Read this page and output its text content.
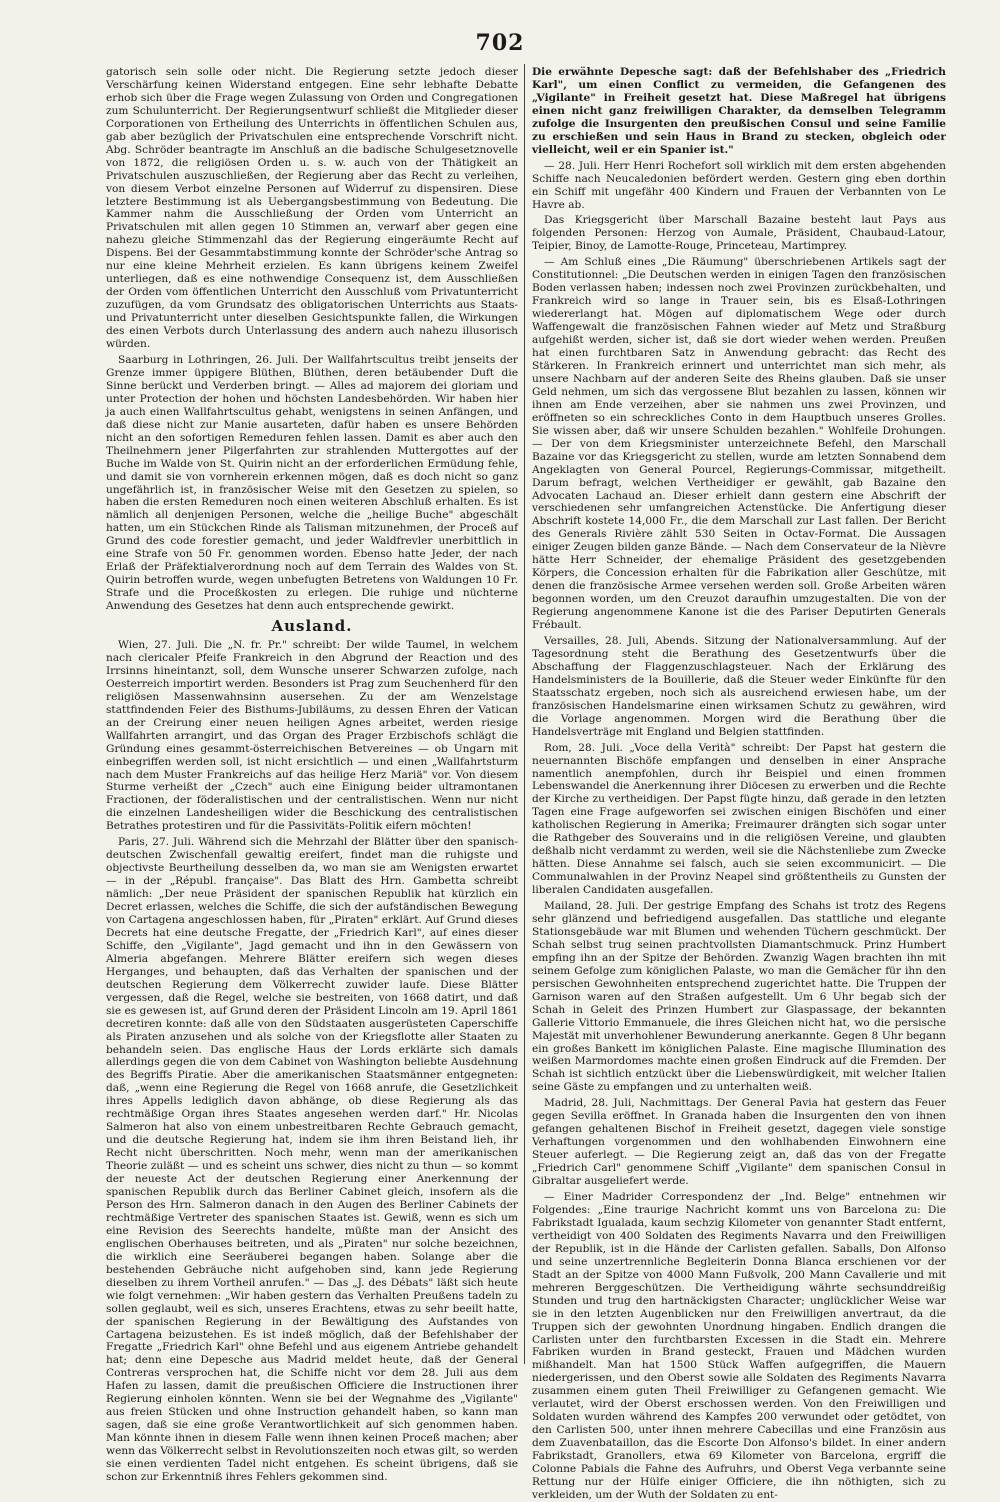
702

gatorisch sein solle oder nicht. Die Regierung setzte jedoch dieser Verschärfung keinen Widerstand entgegen. Eine sehr lebhafte Debatte erhob sich über die Frage wegen Zulassung von Orden und Congregationen zum Schulunterricht. Der Regierungsentwurf schließt die Mitglieder dieser Corporationen von Ertheilung des Unterrichts in öffentlichen Schulen aus, gab aber bezüglich der Privatschulen eine entsprechende Vorschrift nicht. Abg. Schröder beantragte im Anschluß an die badische Schulgesetznovelle von 1872, die religiösen Orden u. s. w. auch von der Thätigkeit an Privatschulen auszuschließen, der Regierung aber das Recht zu verleihen, von diesem Verbot einzelne Personen auf Widerruf zu dispensiren. Diese letztere Bestimmung ist als Uebergangsbestimmung von Bedeutung. Die Kammer nahm die Ausschließung der Orden vom Unterricht an Privatschulen mit allen gegen 10 Stimmen an, verwarf aber gegen eine nahezu gleiche Stimmenzahl das der Regierung eingeräumte Recht auf Dispens. Bei der Gesammtabstimmung konnte der Schröder'sche Antrag so nur eine kleine Mehrheit erzielen. Es kann übrigens keinem Zweifel unterliegen, daß es eine nothwendige Consequenz ist, dem Ausschließen der Orden vom öffentlichen Unterricht den Ausschluß vom Privatunterricht zuzufügen, da vom Grundsatz des obligatorischen Unterrichts aus Staats- und Privatunterricht unter dieselben Gesichtspunkte fallen, die Wirkungen des einen Verbots durch Unterlassung des andern auch nahezu illusorisch würden.

Saarburg in Lothringen, 26. Juli. Der Wallfahrtscultus treibt jenseits der Grenze immer üppigere Blüthen, Blüthen, deren betäubender Duft die Sinne berückt und Verderben bringt. — Alles ad majorem dei gloriam und unter Protection der hohen und höchsten Landesbehörden. Wir haben hier ja auch einen Wallfahrtscultus gehabt, wenigstens in seinen Anfängen, und daß diese nicht zur Manie ausarteten, dafür haben es unsere Behörden nicht an den sofortigen Remeduren fehlen lassen. Damit es aber auch den Theilnehmern jener Pilgerfahrten zur strahlenden Muttergottes auf der Buche im Walde von St. Quirin nicht an der erforderlichen Ermüdung fehle, und damit sie von vornherein erkennen mögen, daß es doch nicht so ganz ungefährlich ist, in französischer Weise mit den Gesetzen zu spielen, so haben die ersten Remeduren noch einen weiteren Abschluß erhalten. Es ist nämlich all denjenigen Personen, welche die „heilige Buche" abgeschält hatten, um ein Stückchen Rinde als Talisman mitzunehmen, der Proceß auf Grund des code forestier gemacht, und jeder Waldfrevler unerbittlich in eine Strafe von 50 Fr. genommen worden. Ebenso hatte Jeder, der nach Erlaß der Präfektialverordnung noch auf dem Terrain des Waldes von St. Quirin betroffen wurde, wegen unbefugten Betretens von Waldungen 10 Fr. Strafe und die Proceßkosten zu erlegen. Die ruhige und nüchterne Anwendung des Gesetzes hat denn auch entsprechende gewirkt.

Ausland.

Wien, 27. Juli. Die „N. fr. Pr." schreibt: Der wilde Taumel, in welchem nach clericaler Pfeife Frankreich in den Abgrund der Reaction und des Irrsinns hineintanzt, soll, dem Wunsche unserer Schwarzen zufolge, nach Oesterreich importirt werden. Besonders ist Prag zum Seuchenherd für den religiösen Massenwahnsinn ausersehen. Zu der am Wenzelstage stattfindenden Feier des Bisthums-Jubiläums, zu dessen Ehren der Vatican an der Creirung einer neuen heiligen Agnes arbeitet, werden riesige Wallfahrten arrangirt, und das Organ des Prager Erzbischofs schlägt die Gründung eines gesammt-österreichischen Betvereines — ob Ungarn mit einbegriffen werden soll, ist nicht ersichtlich — und einen „Wallfahrtsturm nach dem Muster Frankreichs auf das heilige Herz Mariä" vor. Von diesem Sturme verheißt der „Czech" auch eine Einigung beider ultramontanen Fractionen, der föderalistischen und der centralistischen. Wenn nur nicht die einzelnen Landesheiligen wider die Beschickung des centralistischen Betrathes protestiren und für die Passivitäts-Politik eifern möchten!

Paris, 27. Juli. Während sich die Mehrzahl der Blätter über den spanisch-deutschen Zwischenfall gewaltig ereifert, findet man die ruhigste und objectivste Beurtheilung desselben da, wo man sie am Wenigsten erwartet — in der „Républ. française". Das Blatt des Hrn. Gambetta schreibt nämlich: „Der neue Präsident der spanischen Republik hat kürzlich ein Decret erlassen, welches die Schiffe, die sich der aufständischen Bewegung von Cartagena angeschlossen haben, für „Piraten" erklärt. Auf Grund dieses Decrets hat eine deutsche Fregatte, der „Friedrich Karl", auf eines dieser Schiffe, den „Vigilante", Jagd gemacht und ihn in den Gewässern von Almeria abgefangen. Mehrere Blätter ereifern sich wegen dieses Herganges, und behaupten, daß das Verhalten der spanischen und der deutschen Regierung dem Völkerrecht zuwider laufe. Diese Blätter vergessen, daß die Regel, welche sie bestreiten, von 1668 datirt, und daß sie es gewesen ist, auf Grund deren der Präsident Lincoln am 19. April 1861 decretiren konnte: daß alle von den Südstaaten ausgerüsteten Caperschiffe als Piraten anzusehen und als solche von der Kriegsflotte aller Staaten zu behandeln seien. Das englische Haus der Lords erklärte sich damals allerdings gegen die von dem Cabinet von Washington beliebte Ausdehnung des Begriffs Piratie. Aber die amerikanischen Staatsmänner entgegneten: daß, „wenn eine Regierung die Regel von 1668 anrufe, die Gesetzlichkeit ihres Appells lediglich davon abhänge, ob diese Regierung als das rechtmäßige Organ ihres Staates angesehen werden darf." Hr. Nicolas Salmeron hat also von einem unbestreitbaren Rechte Gebrauch gemacht, und die deutsche Regierung hat, indem sie ihm ihren Beistand lieh, ihr Recht nicht überschritten. Noch mehr, wenn man der amerikanischen Theorie zuläßt — und es scheint uns schwer, dies nicht zu thun — so kommt der neueste Act der deutschen Regierung einer Anerkennung der spanischen Republik durch das Berliner Cabinet gleich, insofern als die Person des Hrn. Salmeron danach in den Augen des Berliner Cabinets der rechtmäßige Vertreter des spanischen Staates ist. Gewiß, wenn es sich um eine Revision des Seerechts handelte, müßte man der Ansicht des englischen Oberhauses beitreten, und als „Piraten" nur solche bezeichnen, die wirklich eine Seeräuberei begangen haben. Solange aber die bestehenden Gebräuche nicht aufgehoben sind, kann jede Regierung dieselben zu ihrem Vortheil anrufen." — Das „J. des Débats" läßt sich heute wie folgt vernehmen: „Wir haben gestern das Verhalten Preußens tadeln zu sollen geglaubt, weil es sich, unseres Erachtens, etwas zu sehr beeilt hatte, der spanischen Regierung in der Bewältigung des Aufstandes von Cartagena beizustehen. Es ist indeß möglich, daß der Befehlshaber der Fregatte „Friedrich Karl" ohne Befehl und aus eigenem Antriebe gehandelt hat; denn eine Depesche aus Madrid meldet heute, daß der General Contreras versprochen hat, die Schiffe nicht vor dem 28. Juli aus dem Hafen zu lassen, damit die preußischen Officiere die Instructionen ihrer Regierung einholen könnten. Wenn sie bei der Wegnahme des „Vigilante" aus freien Stücken und ohne Instruction gehandelt haben, so kann man sagen, daß sie eine große Verantwortlichkeit auf sich genommen haben. Man könnte ihnen in diesem Falle wenn ihnen keinen Proceß machen; aber wenn das Völkerrecht selbst in Revolutionszeiten noch etwas gilt, so werden sie einen verdienten Tadel nicht entgehen. Es scheint übrigens, daß sie schon zur Erkenntniß ihres Fehlers gekommen sind.

Die erwähnte Depesche sagt: daß der Befehlshaber des „Friedrich Karl", um einen Conflict zu vermeiden, die Gefangenen des „Vigilante" in Freiheit gesetzt hat. Diese Maßregel hat übrigens einen nicht ganz freiwilligen Charakter, da demselben Telegramm zufolge die Insurgenten den preußischen Consul und seine Familie zu erschießen und sein Haus in Brand zu stecken, obgleich oder vielleicht, weil er ein Spanier ist."

— 28. Juli. Herr Henri Rochefort soll wirklich mit dem ersten abgehenden Schiffe nach Neucaledonien befördert werden. Gestern ging eben dorthin ein Schiff mit ungefähr 400 Kindern und Frauen der Verbannten von Le Havre ab.

Das Kriegsgericht über Marschall Bazaine besteht laut Pays aus folgenden Personen: Herzog von Aumale, Präsident, Chaubaud-Latour, Teipier, Binoy, de Lamotte-Rouge, Princeteau, Martimprey.

— Am Schluß eines „Die Räumung" überschriebenen Artikels sagt der Constitutionnel: „Die Deutschen werden in einigen Tagen den französischen Boden verlassen haben; indessen noch zwei Provinzen zurückbehalten, und Frankreich wird so lange in Trauer sein, bis es Elsaß-Lothringen wiedererlangt hat. Mögen auf diplomatischem Wege oder durch Waffengewalt die französischen Fahnen wieder auf Metz und Straßburg aufgehißt werden, sicher ist, daß sie dort wieder wehen werden. Preußen hat einen furchtbaren Satz in Anwendung gebracht: das Recht des Stärkeren. In Frankreich erinnert und unterrichtet man sich mehr, als unsere Nachbarn auf der anderen Seite des Rheins glauben. Daß sie unser Geld nehmen, um sich das vergossene Blut bezahlen zu lassen, können wir ihnen am Ende verzeihen, aber sie nahmen uns zwei Provinzen, und eröffneten so ein schreckliches Conto in dem Hauptbuch unseres Grolles. Sie wissen aber, daß wir unsere Schulden bezahlen." Wohlfeile Drohungen. — Der von dem Kriegsminister unterzeichnete Befehl, den Marschall Bazaine vor das Kriegsgericht zu stellen, wurde am letzten Sonnabend dem Angeklagten von General Pourcel, Regierungs-Commissar, mitgetheilt. Darum befragt, welchen Vertheidiger er gewählt, gab Bazaine den Advocaten Lachaud an. Dieser erhielt dann gestern eine Abschrift der verschiedenen sehr umfangreichen Actenstücke. Die Anfertigung dieser Abschrift kostete 14,000 Fr., die dem Marschall zur Last fallen. Der Bericht des Generals Rivière zählt 530 Seiten in Octav-Format. Die Aussagen einiger Zeugen bilden ganze Bände. — Nach dem Conservateur de la Nièvre hätte Herr Schneider, der ehemalige Präsident des gesetzgebenden Körpers, die Concession erhalten für die Fabrikation aller Geschütze, mit denen die französische Armee versehen werden soll. Große Arbeiten wären begonnen worden, um den Creuzot daraufhin umzugestalten. Die von der Regierung angenommene Kanone ist die des Pariser Deputirten Generals Frébault.

Versailles, 28. Juli, Abends. Sitzung der Nationalversammlung. Auf der Tagesordnung steht die Berathung des Gesetzentwurfs über die Abschaffung der Flaggenzuschlagsteuer. Nach der Erklärung des Handelsministers de la Bouillerie, daß die Steuer weder Einkünfte für den Staatsschatz ergeben, noch sich als ausreichend erwiesen habe, um der französischen Handelsmarine einen wirksamen Schutz zu gewähren, wird die Vorlage angenommen. Morgen wird die Berathung über die Handelsverträge mit England und Belgien stattfinden.

Rom, 28. Juli. „Voce della Verità" schreibt: Der Papst hat gestern die neuernannten Bischöfe empfangen und denselben in einer Ansprache namentlich anempfohlen, durch ihr Beispiel und einen frommen Lebenswandel die Anerkennung ihrer Diöcesen zu erwerben und die Rechte der Kirche zu vertheidigen. Der Papst fügte hinzu, daß gerade in den letzten Tagen eine Frage aufgeworfen sei zwischen einigen Bischöfen und einer katholischen Regierung in Amerika; Freimaurer drängten sich sogar unter die Rathgeber des Souverains und in die religiösen Vereine, und glaubten deßhalb nicht verdammt zu werden, weil sie die Nächstenliebe zum Zwecke hätten. Diese Annahme sei falsch, auch sie seien excommunicirt. — Die Communalwahlen in der Provinz Neapel sind größtentheils zu Gunsten der liberalen Candidaten ausgefallen.

Mailand, 28. Juli. Der gestrige Empfang des Schahs ist trotz des Regens sehr glänzend und befriedigend ausgefallen. Das stattliche und elegante Stationsgebäude war mit Blumen und wehenden Tüchern geschmückt. Der Schah selbst trug seinen prachtvollsten Diamantschmuck. Prinz Humbert empfing ihn an der Spitze der Behörden. Zwanzig Wagen brachten ihn mit seinem Gefolge zum königlichen Palaste, wo man die Gemächer für ihn den persischen Gewohnheiten entsprechend zugerichtet hatte. Die Truppen der Garnison waren auf den Straßen aufgestellt. Um 6 Uhr begab sich der Schah in Geleit des Prinzen Humbert zur Glaspassage, der bekannten Gallerie Vittorio Emmanuele, die ihres Gleichen nicht hat, wo die persische Majestät mit unverhohlener Bewunderung anerkannte. Gegen 8 Uhr begann ein großes Bankett im königlichen Palaste. Eine magische Illumination des weißen Marmordomes machte einen großen Eindruck auf die Fremden. Der Schah ist sichtlich entzückt über die Liebenswürdigkeit, mit welcher Italien seine Gäste zu empfangen und zu unterhalten weiß.

Madrid, 28. Juli, Nachmittags. Der General Pavia hat gestern das Feuer gegen Sevilla eröffnet. In Granada haben die Insurgenten den von ihnen gefangen gehaltenen Bischof in Freiheit gesetzt, dagegen viele sonstige Verhaftungen vorgenommen und den wohlhabenden Einwohnern eine Steuer auferlegt. — Die Regierung zeigt an, daß das von der Fregatte „Friedrich Carl" genommene Schiff „Vigilante" dem spanischen Consul in Gibraltar ausgeliefert werde.

— Einer Madrider Correspondenz der „Ind. Belge" entnehmen wir Folgendes: „Eine traurige Nachricht kommt uns von Barcelona zu: Die Fabrikstadt Igualada, kaum sechzig Kilometer von genannter Stadt entfernt, vertheidigt von 400 Soldaten des Regiments Navarra und den Freiwilligen der Republik, ist in die Hände der Carlisten gefallen. Saballs, Don Alfonso und seine unzertrennliche Begleiterin Donna Blanca erschienen vor der Stadt an der Spitze von 4000 Mann Fußvolk, 200 Mann Cavallerie und mit mehreren Berggeschützen. Die Vertheidigung währte sechsunddreißig Stunden und trug den hartnäckigsten Character; unglücklicher Weise war sie in den letzten Augenblicken nur den Freiwilligen anvertraut, da die Truppen sich der gewohnten Unordnung hingaben. Endlich drangen die Carlisten unter den furchtbarsten Excessen in die Stadt ein. Mehrere Fabriken wurden in Brand gesteckt, Frauen und Mädchen wurden mißhandelt. Man hat 1500 Stück Waffen aufgegriffen, die Mauern niedergerissen, und den Oberst sowie alle Soldaten des Regiments Navarra zusammen einem guten Theil Freiwilliger zu Gefangenen gemacht. Wie verlautet, wird der Oberst erschossen werden. Von den Freiwilligen und Soldaten wurden während des Kampfes 200 verwundet oder getödtet, von den Carlisten 500, unter ihnen mehrere Cabecillas und eine Französin aus dem Zuavenbataillon, das die Escorte Don Alfonso's bildet. In einer andern Fabrikstadt, Granollers, etwa 69 Kilometer von Barcelona, ergriff die Colonne Pabials die Fahne des Aufruhrs, und Oberst Vega verbannte seine Rettung nur der Hülfe einiger Officiere, die ihn nöthigten, sich zu verkleiden, um der Wuth der Soldaten zu ent-
